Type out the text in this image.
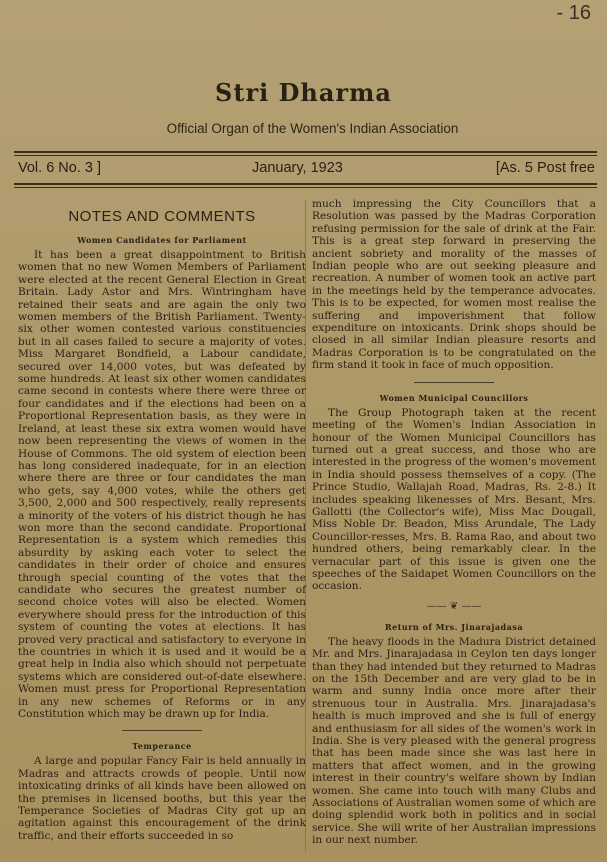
- 16
Stri Dharma
Official Organ of the Women's Indian Association
Vol. 6 No. 3 ]	January, 1923	[As. 5 Post free
NOTES AND COMMENTS
Women Candidates for Parliament

It has been a great disappointment to British women that no new Women Members of Parliament were elected at the recent General Election in Great Britain. Lady Astor and Mrs. Wintringham have retained their seats and are again the only two women members of the British Parliament. Twenty-six other women contested various constituencies but in all cases failed to secure a majority of votes. Miss Margaret Bondfield, a Labour candidate, secured over 14,000 votes, but was defeated by some hundreds. At least six other women candidates came second in contests where there were three or four candidates and if the elections had been on a Proportional Representation basis, as they were in Ireland, at least these six extra women would have now been representing the views of women in the House of Commons. The old system of election been has long considered inadequate, for in an election where there are three or four candidates the man who gets, say 4,000 votes, while the others get 3,500, 2,000 and 500 respectively, really represents a minority of the voters of his district though he has won more than the second candidate. Proportional Representation is a system which remedies this absurdity by asking each voter to select the candidates in their order of choice and ensures through special counting of the votes that the candidate who secures the greatest number of second choice votes will also be elected. Women everywhere should press for the introduction of this system of counting the votes at elections. It has proved very practical and satisfactory to everyone in the countries in which it is used and it would be a great help in India also which should not perpetuate systems which are considered out-of-date elsewhere. Women must press for Proportional Representation in any new schemes of Reforms or in any Constitution which may be drawn up for India.

Temperance

A large and popular Fancy Fair is held annually in Madras and attracts crowds of people. Until now intoxicating drinks of all kinds have been allowed on the premises in licensed booths, but this year the Temperance Societies of Madras City got up an agitation against this encouragement of the drink traffic, and their efforts succeeded in so

much impressing the City Councillors that a Resolution was passed by the Madras Corporation refusing permission for the sale of drink at the Fair. This is a great step forward in preserving the ancient sobriety and morality of the masses of Indian people who are out seeking pleasure and recreation. A number of women took an active part in the meetings held by the temperance advocates. This is to be expected, for women most realise the suffering and impoverishment that follow expenditure on intoxicants. Drink shops should be closed in all similar Indian pleasure resorts and Madras Corporation is to be congratulated on the firm stand it took in face of much opposition.

Women Municipal Councillors

The Group Photograph taken at the recent meeting of the Women's Indian Association in honour of the Women Municipal Councillors has turned out a great success, and those who are interested in the progress of the women's movement in India should possess themselves of a copy. (The Prince Studio, Wallajah Road, Madras, Rs. 2-8.) It includes speaking likenesses of Mrs. Besant, Mrs. Gallotti (the Collector's wife), Miss Mac Dougall, Miss Noble Dr. Beadon, Miss Arundale, The Lady Councillor-resses, Mrs. B. Rama Rao, and about two hundred others, being remarkably clear. In the vernacular part of this issue is given one the speeches of the Saidapet Women Councillors on the occasion.

—— ❦ ——
Return of Mrs. Jinarajadasa

The heavy floods in the Madura District detained Mr. and Mrs. Jinarajadasa in Ceylon ten days longer than they had intended but they returned to Madras on the 15th December and are very glad to be in warm and sunny India once more after their strenuous tour in Australia. Mrs. Jinarajadasa's health is much improved and she is full of energy and enthusiasm for all sides of the women's work in India. She is very pleased with the general progress that has been made since she was last here in matters that affect women, and in the growing interest in their country's welfare shown by Indian women. She came into touch with many Clubs and Associations of Australian women some of which are doing splendid work both in politics and in social service. She will write of her Australian impressions in our next number.
